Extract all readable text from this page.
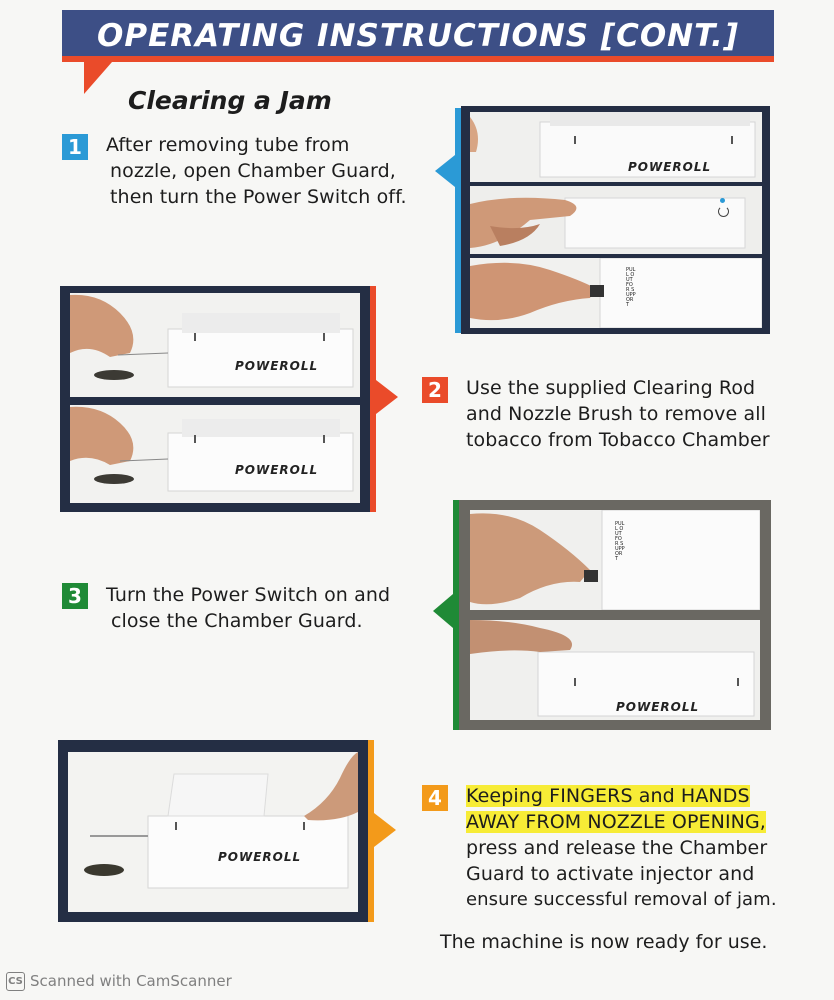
OPERATING INSTRUCTIONS [CONT.]
Clearing a Jam
1	After removing tube from
nozzle, open Chamber Guard,
then turn the Power Switch off.
POWEROLL
PULL OUT FOR SUPPORT
POWEROLL
POWEROLL
2	Use the supplied Clearing Rod
and Nozzle Brush to remove all
tobacco from Tobacco Chamber
3	Turn the Power Switch on and
close the Chamber Guard.
PULL OUT FOR SUPPORT
POWEROLL
POWEROLL
4	Keeping FINGERS and HANDS
AWAY FROM NOZZLE OPENING,
press and release the Chamber
Guard to activate injector and
ensure successful removal of jam.
The machine is now ready for use.
CS Scanned with CamScanner
